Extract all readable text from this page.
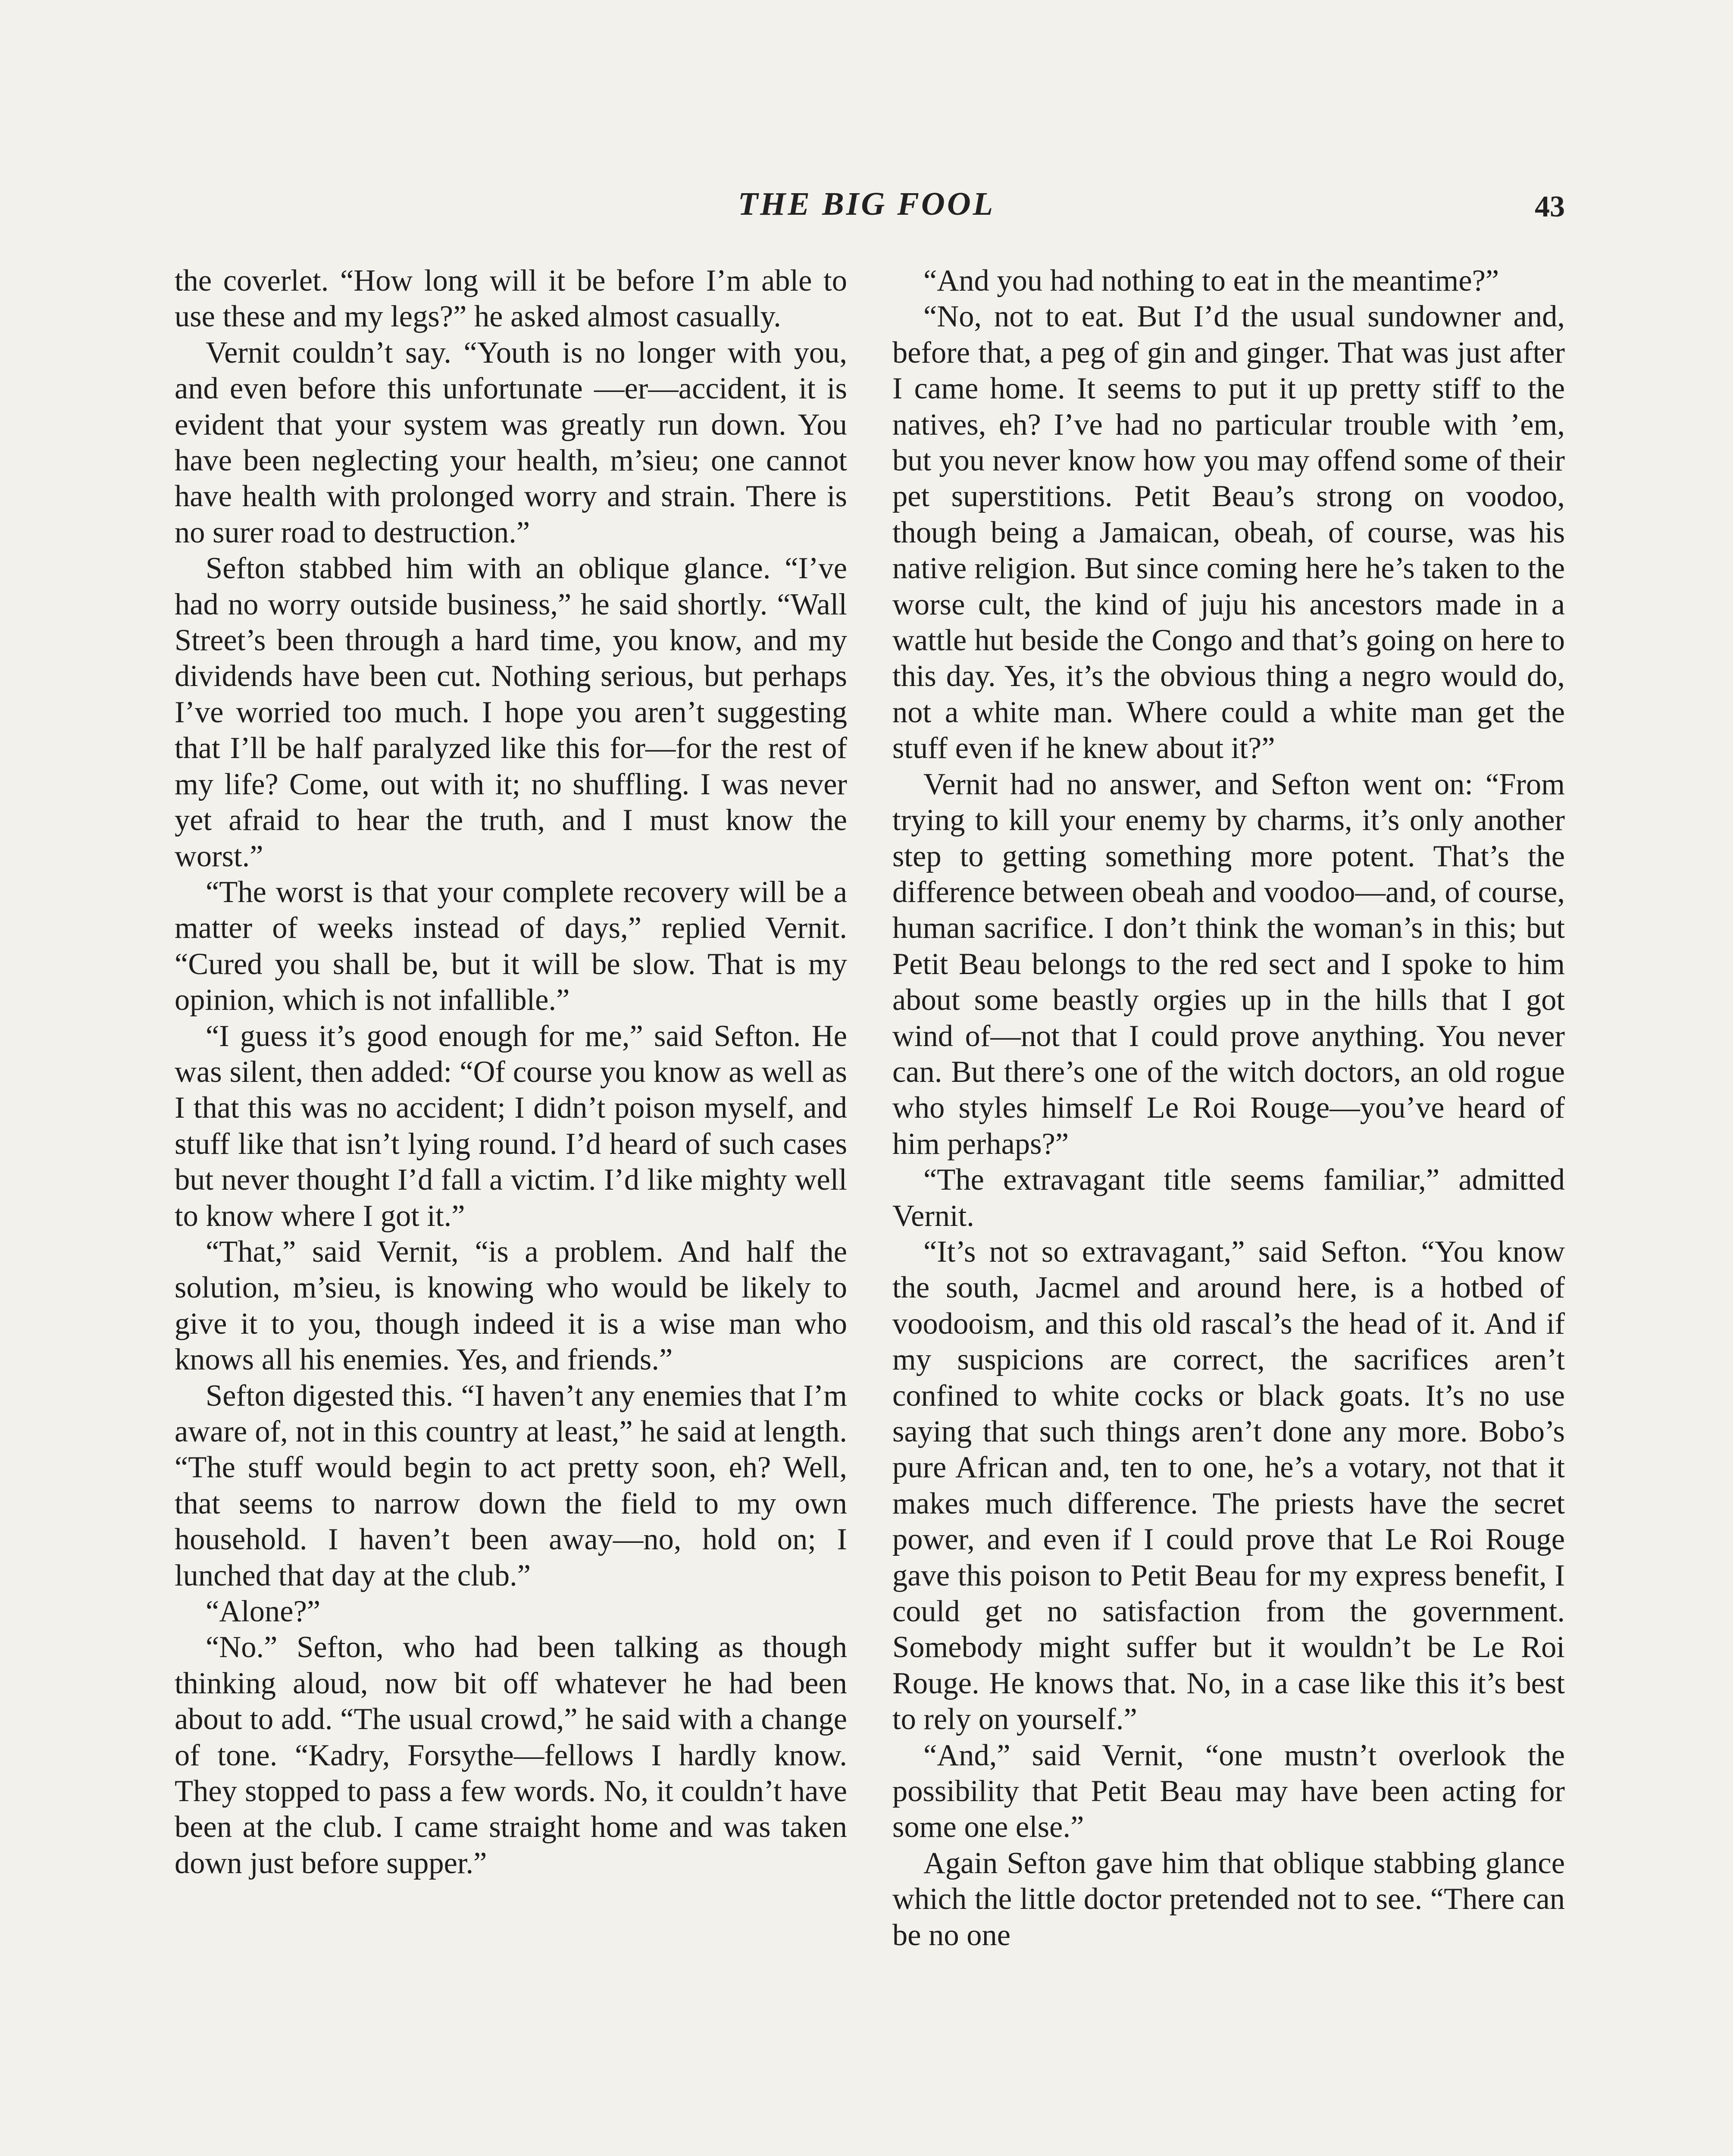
THE BIG FOOL	43

the coverlet. “How long will it be before I’m able to use these and my legs?” he asked almost casually.

Vernit couldn’t say. “Youth is no longer with you, and even before this unfortunate —er—accident, it is evident that your system was greatly run down. You have been neglecting your health, m’sieu; one cannot have health with prolonged worry and strain. There is no surer road to destruction.”

Sefton stabbed him with an oblique glance. “I’ve had no worry outside business,” he said shortly. “Wall Street’s been through a hard time, you know, and my dividends have been cut. Nothing serious, but perhaps I’ve worried too much. I hope you aren’t suggesting that I’ll be half paralyzed like this for—for the rest of my life? Come, out with it; no shuffling. I was never yet afraid to hear the truth, and I must know the worst.”

“The worst is that your complete recovery will be a matter of weeks instead of days,” replied Vernit. “Cured you shall be, but it will be slow. That is my opinion, which is not infallible.”

“I guess it’s good enough for me,” said Sefton. He was silent, then added: “Of course you know as well as I that this was no accident; I didn’t poison myself, and stuff like that isn’t lying round. I’d heard of such cases but never thought I’d fall a victim. I’d like mighty well to know where I got it.”

“That,” said Vernit, “is a problem. And half the solution, m’sieu, is knowing who would be likely to give it to you, though indeed it is a wise man who knows all his enemies. Yes, and friends.”

Sefton digested this. “I haven’t any enemies that I’m aware of, not in this country at least,” he said at length. “The stuff would begin to act pretty soon, eh? Well, that seems to narrow down the field to my own household. I haven’t been away—no, hold on; I lunched that day at the club.”

“Alone?”

“No.” Sefton, who had been talking as though thinking aloud, now bit off whatever he had been about to add. “The usual crowd,” he said with a change of tone. “Kadry, Forsythe—fellows I hardly know. They stopped to pass a few words. No, it couldn’t have been at the club. I came straight home and was taken down just before supper.”

“And you had nothing to eat in the meantime?”

“No, not to eat. But I’d the usual sundowner and, before that, a peg of gin and ginger. That was just after I came home. It seems to put it up pretty stiff to the natives, eh? I’ve had no particular trouble with ’em, but you never know how you may offend some of their pet superstitions. Petit Beau’s strong on voodoo, though being a Jamaican, obeah, of course, was his native religion. But since coming here he’s taken to the worse cult, the kind of juju his ancestors made in a wattle hut beside the Congo and that’s going on here to this day. Yes, it’s the obvious thing a negro would do, not a white man. Where could a white man get the stuff even if he knew about it?”

Vernit had no answer, and Sefton went on: “From trying to kill your enemy by charms, it’s only another step to getting something more potent. That’s the difference between obeah and voodoo—and, of course, human sacrifice. I don’t think the woman’s in this; but Petit Beau belongs to the red sect and I spoke to him about some beastly orgies up in the hills that I got wind of—not that I could prove anything. You never can. But there’s one of the witch doctors, an old rogue who styles himself Le Roi Rouge—you’ve heard of him perhaps?”

“The extravagant title seems familiar,” admitted Vernit.

“It’s not so extravagant,” said Sefton. “You know the south, Jacmel and around here, is a hotbed of voodooism, and this old rascal’s the head of it. And if my suspicions are correct, the sacrifices aren’t confined to white cocks or black goats. It’s no use saying that such things aren’t done any more. Bobo’s pure African and, ten to one, he’s a votary, not that it makes much difference. The priests have the secret power, and even if I could prove that Le Roi Rouge gave this poison to Petit Beau for my express benefit, I could get no satisfaction from the government. Somebody might suffer but it wouldn’t be Le Roi Rouge. He knows that. No, in a case like this it’s best to rely on yourself.”

“And,” said Vernit, “one mustn’t overlook the possibility that Petit Beau may have been acting for some one else.”

Again Sefton gave him that oblique stabbing glance which the little doctor pretended not to see. “There can be no one
